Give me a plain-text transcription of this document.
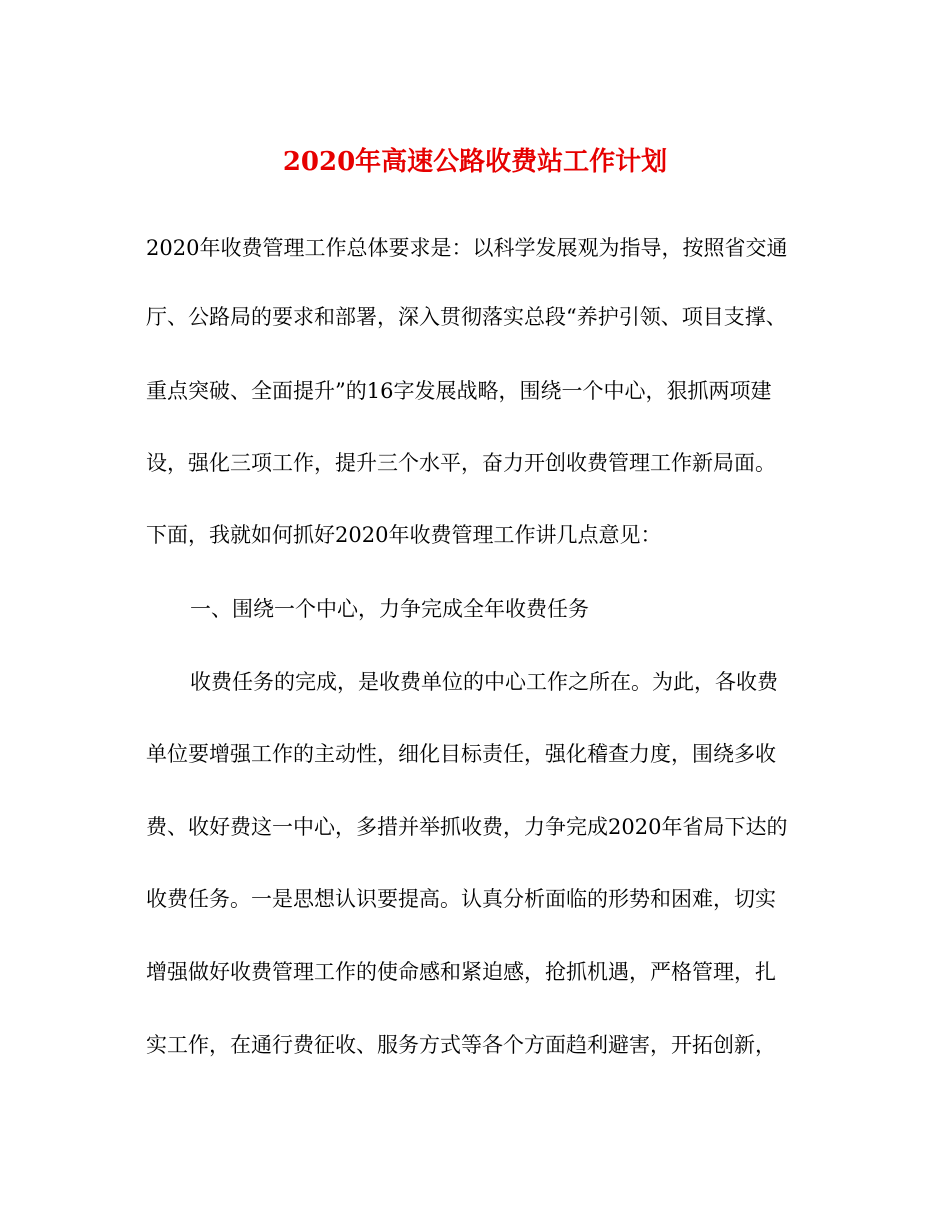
2020年高速公路收费站工作计划

2020年收费管理工作总体要求是：以科学发展观为指导，按照省交通

厅、公路局的要求和部署，深入贯彻落实总段“养护引领、项目支撑、

重点突破、全面提升”的16字发展战略，围绕一个中心，狠抓两项建

设，强化三项工作，提升三个水平，奋力开创收费管理工作新局面。

下面，我就如何抓好2020年收费管理工作讲几点意见：

一、围绕一个中心，力争完成全年收费任务

收费任务的完成，是收费单位的中心工作之所在。为此，各收费

单位要增强工作的主动性，细化目标责任，强化稽查力度，围绕多收

费、收好费这一中心，多措并举抓收费，力争完成2020年省局下达的

收费任务。一是思想认识要提高。认真分析面临的形势和困难，切实

增强做好收费管理工作的使命感和紧迫感，抢抓机遇，严格管理，扎

实工作，在通行费征收、服务方式等各个方面趋利避害，开拓创新，
